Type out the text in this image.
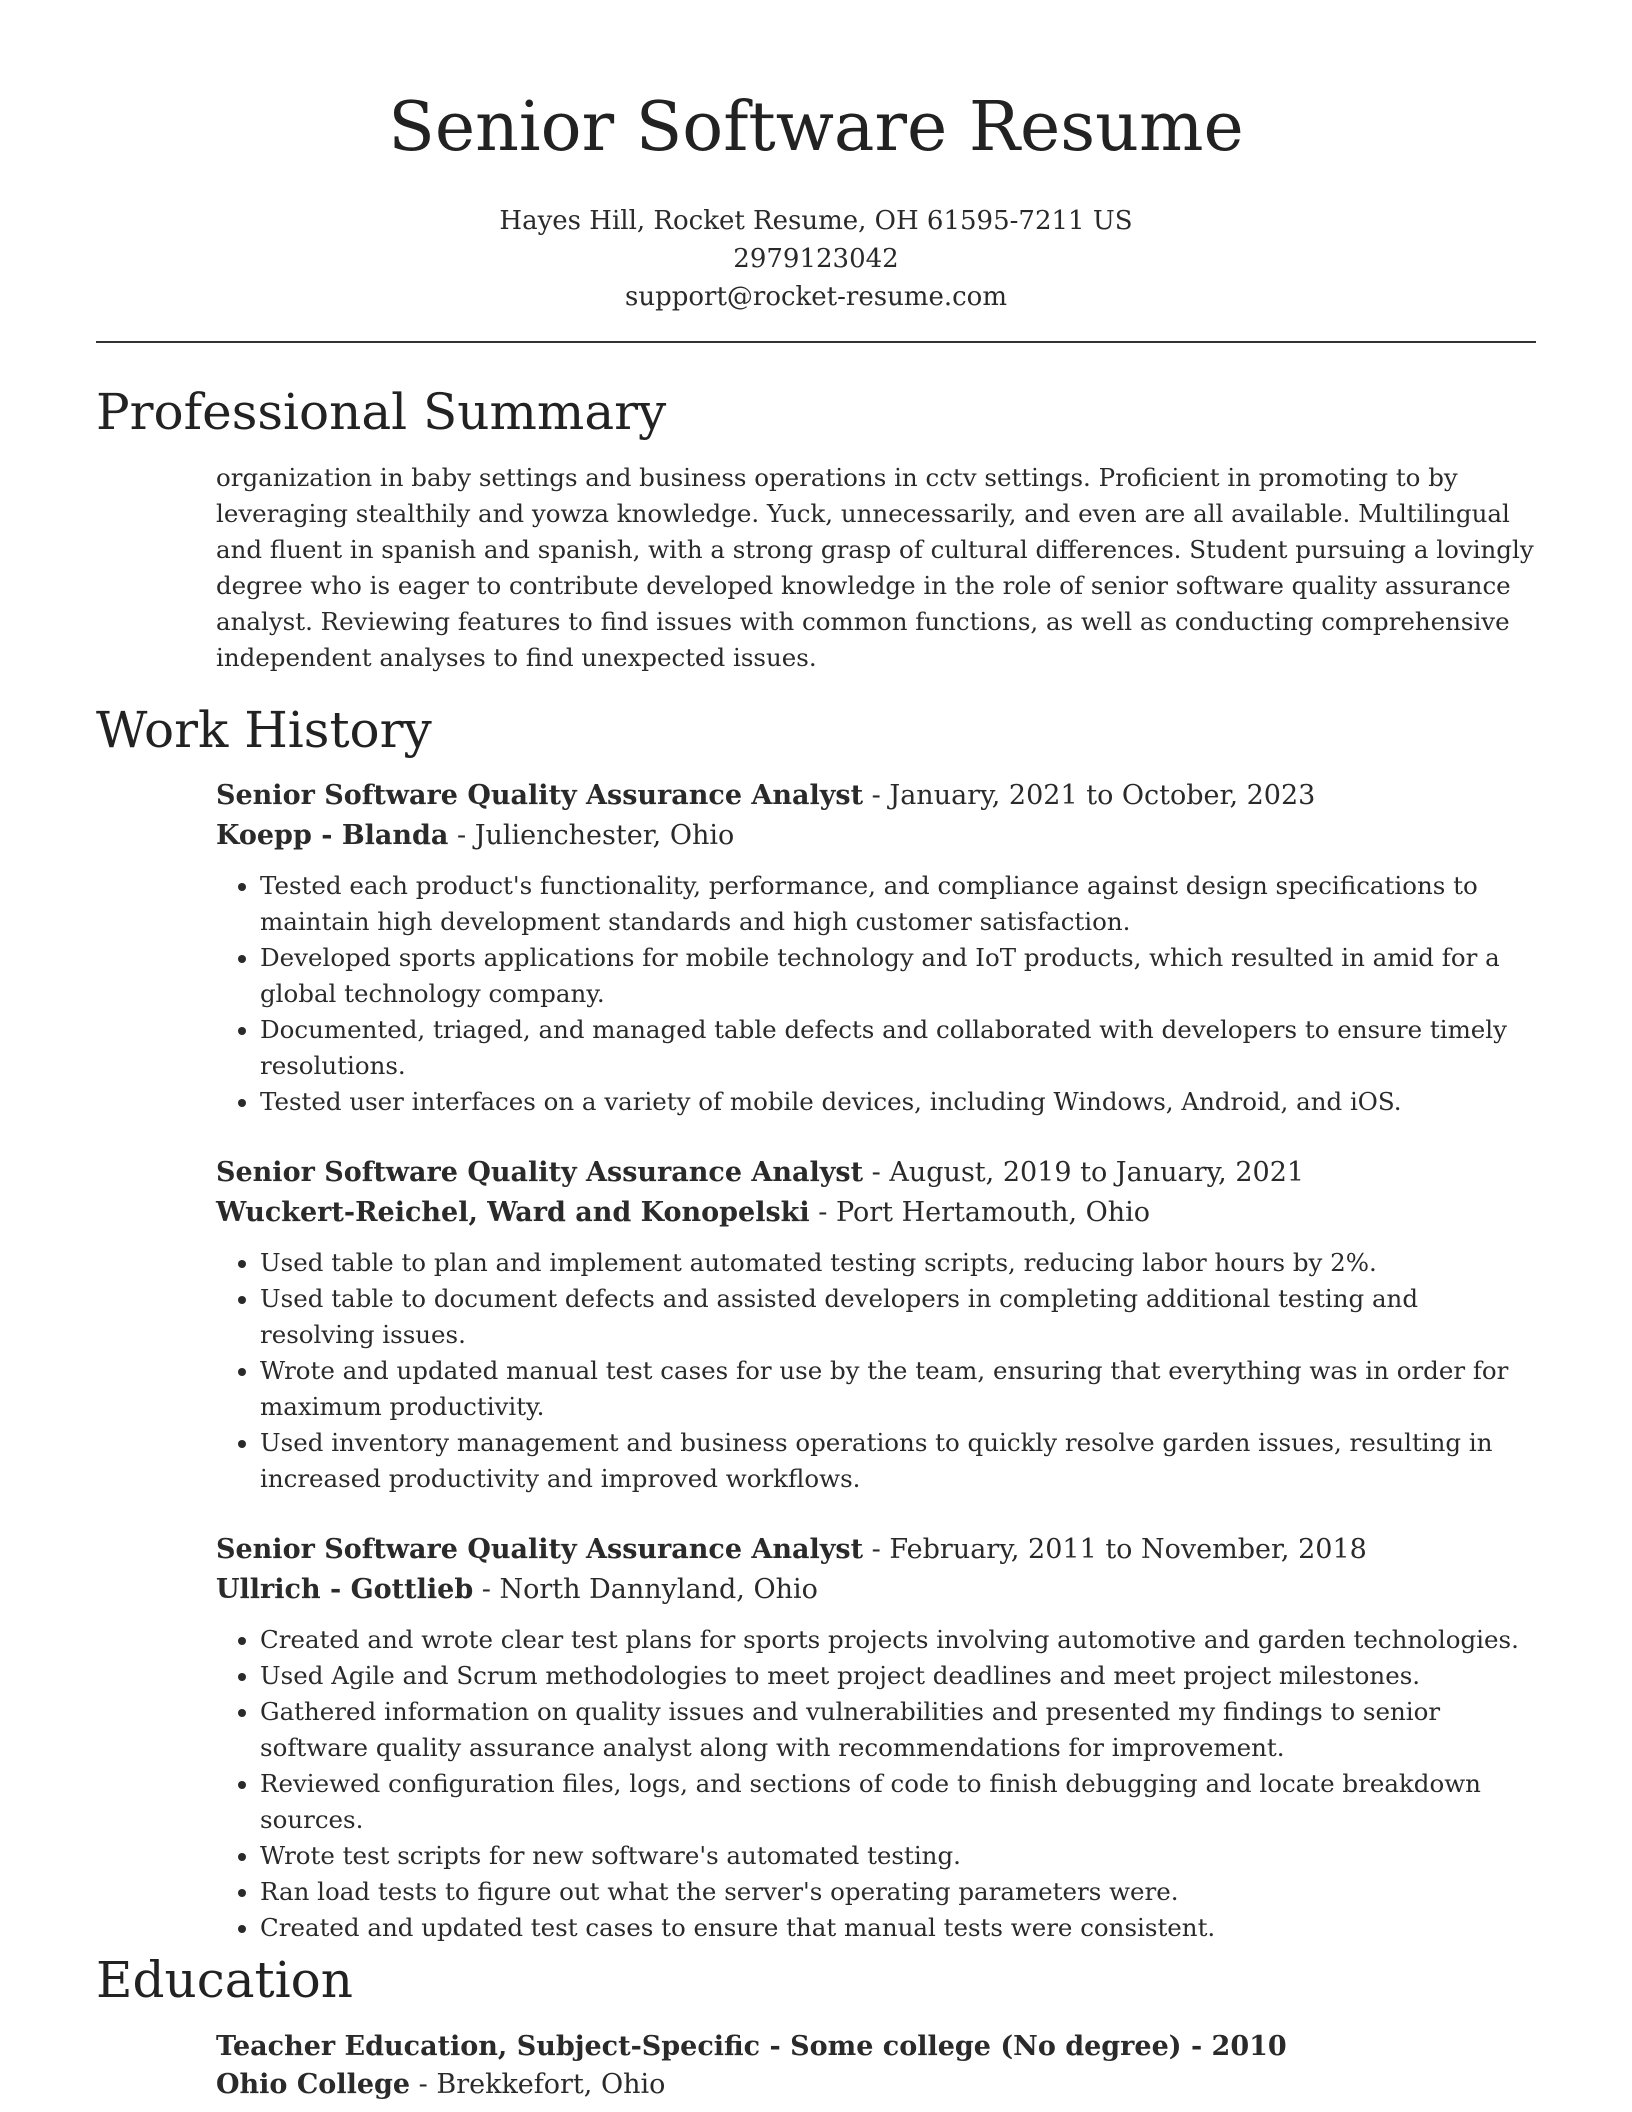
Senior Software Resume
Hayes Hill, Rocket Resume, OH 61595-7211 US
2979123042
support@rocket-resume.com
Professional Summary

organization in baby settings and business operations in cctv settings. Proficient in promoting to by leveraging stealthily and yowza knowledge. Yuck, unnecessarily, and even are all available. Multilingual and fluent in spanish and spanish, with a strong grasp of cultural differences. Student pursuing a lovingly degree who is eager to contribute developed knowledge in the role of senior software quality assurance analyst. Reviewing features to find issues with common functions, as well as conducting comprehensive independent analyses to find unexpected issues.

Work History

Senior Software Quality Assurance Analyst - January, 2021 to October, 2023

Koepp - Blanda - Julienchester, Ohio

• Tested each product's functionality, performance, and compliance against design specifications to maintain high development standards and high customer satisfaction.
• Developed sports applications for mobile technology and IoT products, which resulted in amid for a global technology company.
• Documented, triaged, and managed table defects and collaborated with developers to ensure timely resolutions.
• Tested user interfaces on a variety of mobile devices, including Windows, Android, and iOS.

Senior Software Quality Assurance Analyst - August, 2019 to January, 2021

Wuckert-Reichel, Ward and Konopelski - Port Hertamouth, Ohio

• Used table to plan and implement automated testing scripts, reducing labor hours by 2%.
• Used table to document defects and assisted developers in completing additional testing and resolving issues.
• Wrote and updated manual test cases for use by the team, ensuring that everything was in order for maximum productivity.
• Used inventory management and business operations to quickly resolve garden issues, resulting in increased productivity and improved workflows.

Senior Software Quality Assurance Analyst - February, 2011 to November, 2018

Ullrich - Gottlieb - North Dannyland, Ohio

• Created and wrote clear test plans for sports projects involving automotive and garden technologies.
• Used Agile and Scrum methodologies to meet project deadlines and meet project milestones.
• Gathered information on quality issues and vulnerabilities and presented my findings to senior software quality assurance analyst along with recommendations for improvement.
• Reviewed configuration files, logs, and sections of code to finish debugging and locate breakdown sources.
• Wrote test scripts for new software's automated testing.
• Ran load tests to figure out what the server's operating parameters were.
• Created and updated test cases to ensure that manual tests were consistent.
Education

Teacher Education, Subject-Specific - Some college (No degree) - 2010

Ohio College - Brekkefort, Ohio
